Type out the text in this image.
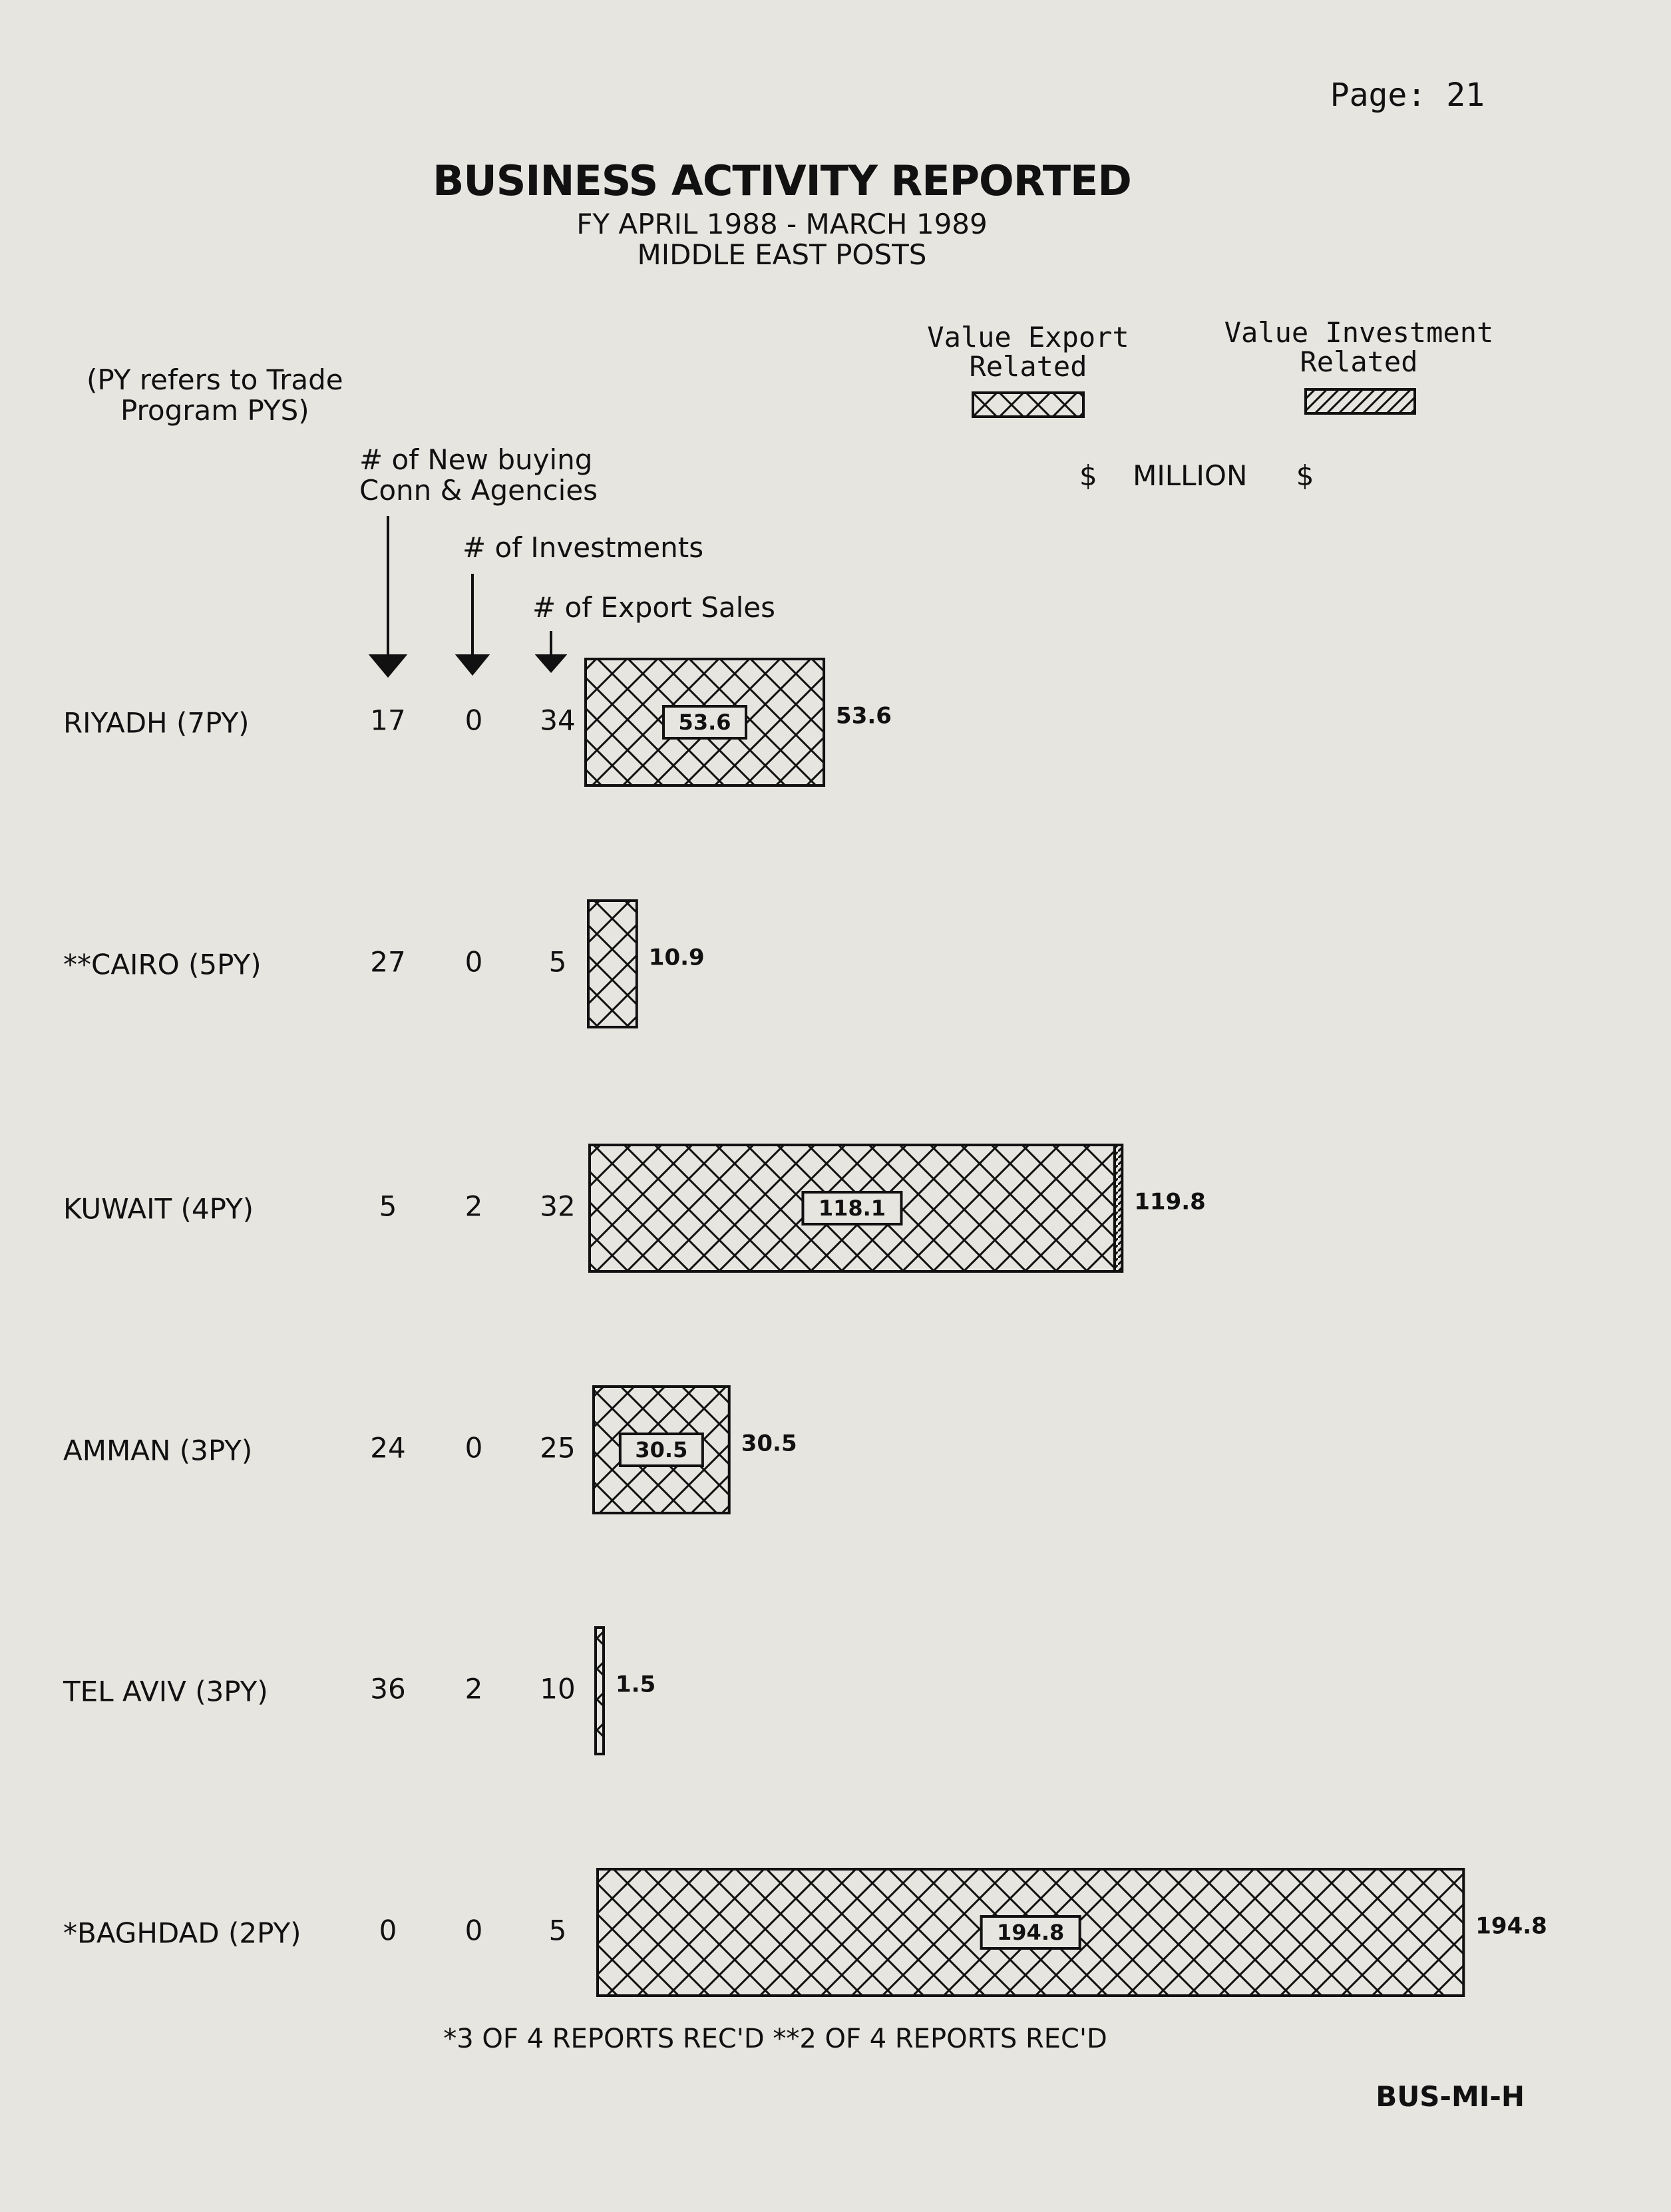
Page: 21
BUSINESS ACTIVITY REPORTED
FY APRIL 1988 - MARCH 1989
MIDDLE EAST POSTS
(PY refers to Trade
Program PYS)
Value Export
Related
Value Investment
Related
$ MILLION $
# of New buying
Conn & Agencies
# of Investments
# of Export Sales
RIYADH (7PY)	17 0 34	53.6	53.6
**CAIRO (5PY)	27 0 5	10.9
KUWAIT (4PY)	5 2 32	118.1	119.8
AMMAN (3PY)	24 0 25	30.5 30.5
TEL AVIV (3PY)	36 2 10 1.5
*BAGHDAD (2PY)	0 0 5	194.8	194.8
*3 OF 4 REPORTS REC'D **2 OF 4 REPORTS REC'D
BUS-MI-H
